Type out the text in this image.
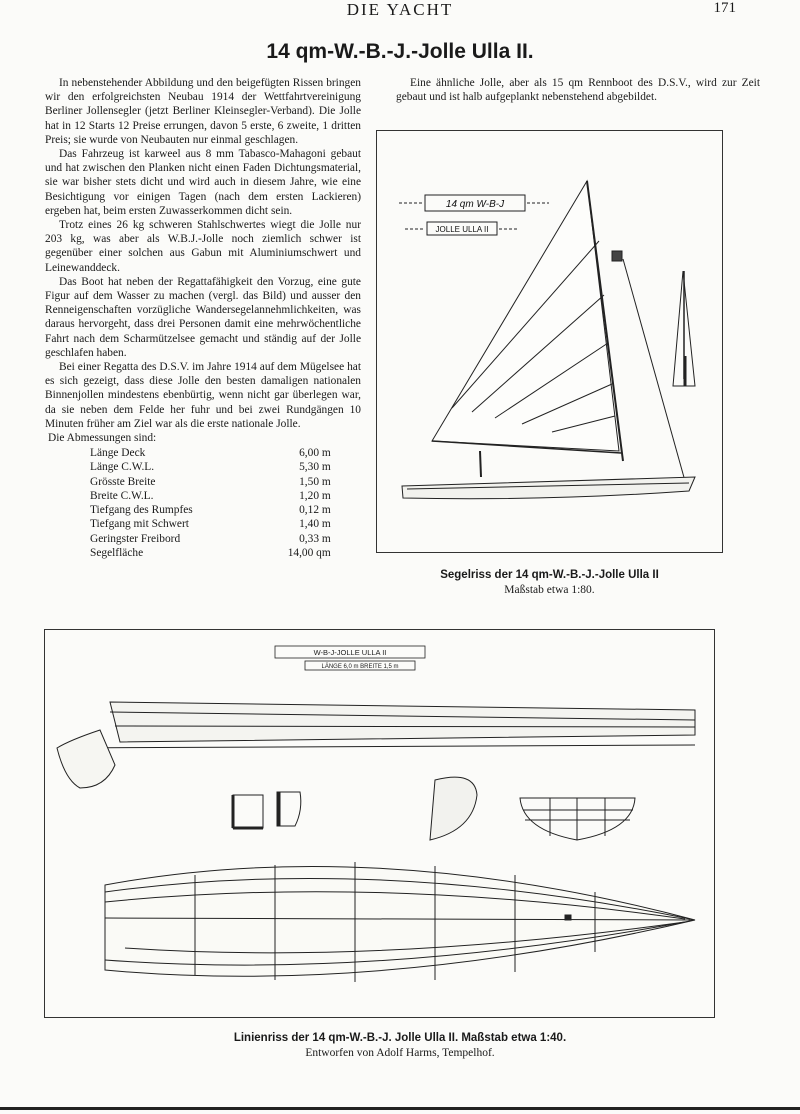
DIE YACHT	171
14 qm-W.-B.-J.-Jolle Ulla II.

In nebenstehender Abbildung und den beigefügten Rissen bringen wir den erfolgreichsten Neubau 1914 der Wettfahrtvereinigung Berliner Jollensegler (jetzt Berliner Kleinsegler-Verband). Die Jolle hat in 12 Starts 12 Preise errungen, davon 5 erste, 6 zweite, 1 dritten Preis; sie wurde von Neubauten nur einmal geschlagen.

Das Fahrzeug ist karweel aus 8 mm Tabasco-Mahagoni gebaut und hat zwischen den Planken nicht einen Faden Dichtungsmaterial, sie war bisher stets dicht und wird auch in diesem Jahre, wie eine Besichtigung vor einigen Tagen (nach dem ersten Lackieren) ergeben hat, beim ersten Zuwasserkommen dicht sein.

Trotz eines 26 kg schweren Stahlschwertes wiegt die Jolle nur 203 kg, was aber als W.B.J.-Jolle noch ziemlich schwer ist gegenüber einer solchen aus Gabun mit Aluminiumschwert und Leinewanddeck.

Das Boot hat neben der Regattafähigkeit den Vorzug, eine gute Figur auf dem Wasser zu machen (vergl. das Bild) und ausser den Renneigenschaften vorzügliche Wandersegelannehmlichkeiten, was daraus hervorgeht, dass drei Personen damit eine mehrwöchentliche Fahrt nach dem Scharmützelsee gemacht und ständig auf der Jolle geschlafen haben.

Bei einer Regatta des D.S.V. im Jahre 1914 auf dem Mügelsee hat es sich gezeigt, dass diese Jolle den besten damaligen nationalen Binnenjollen mindestens ebenbürtig, wenn nicht gar überlegen war, da sie neben dem Felde her fuhr und bei zwei Rundgängen 10 Minuten früher am Ziel war als die erste nationale Jolle.

Die Abmessungen sind:

Länge Deck	6,00 m
Länge C.W.L.	5,30 m
Grösste Breite	1,50 m
Breite C.W.L.	1,20 m
Tiefgang des Rumpfes	0,12 m
Tiefgang mit Schwert	1,40 m
Geringster Freibord	0,33 m
Segelfläche	14,00 qm

Eine ähnliche Jolle, aber als 15 qm Rennboot des D.S.V., wird zur Zeit gebaut und ist halb aufgeplankt nebenstehend abgebildet.

14 qm W-B-J
JOLLE ULLA II
Segelriss der 14 qm-W.-B.-J.-Jolle Ulla II
Maßstab etwa 1:80.
W-B-J-JOLLE ULLA II
LÄNGE 6,0 m BREITE 1,5 m
Linienriss der 14 qm-W.-B.-J. Jolle Ulla II. Maßstab etwa 1:40.
Entworfen von Adolf Harms, Tempelhof.
